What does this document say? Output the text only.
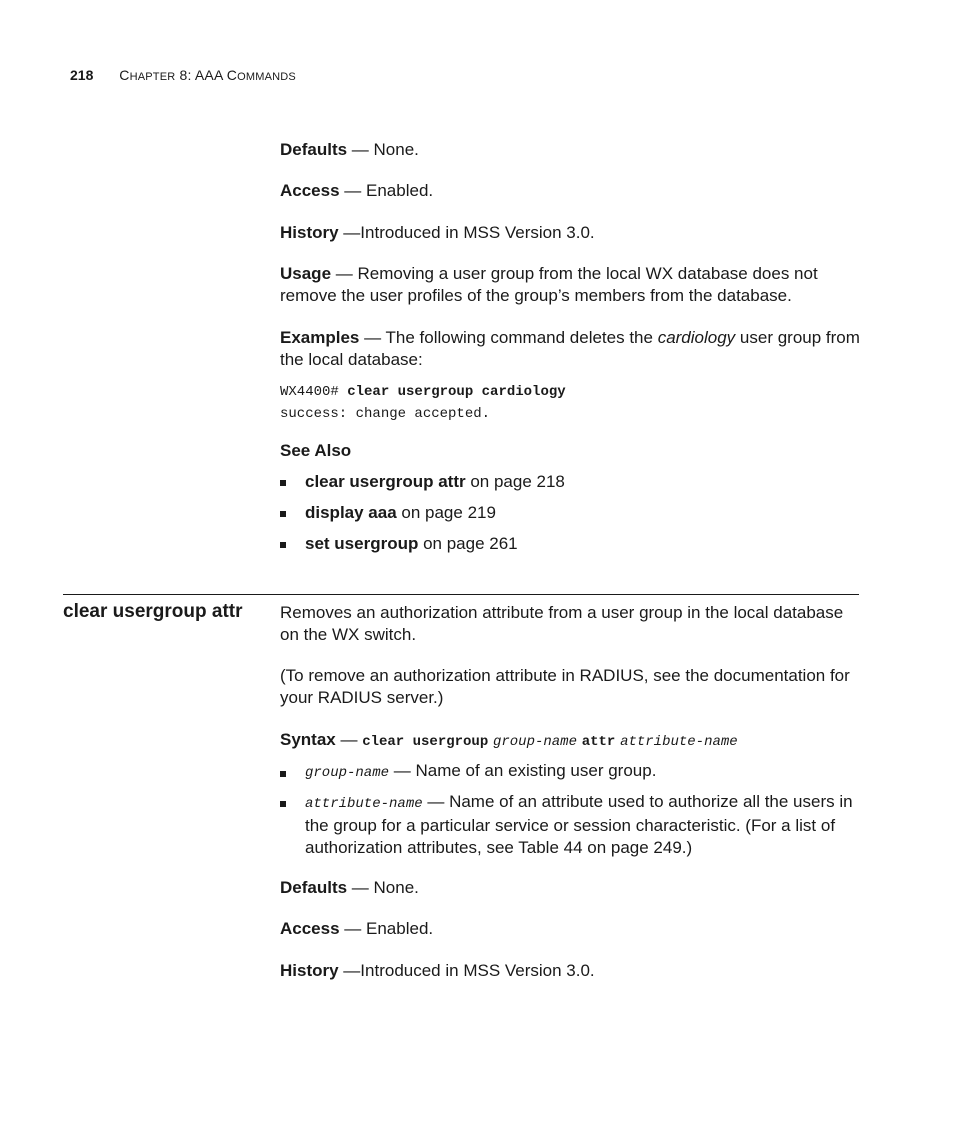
218 CHAPTER 8: AAA COMMANDS
Defaults — None.
Access — Enabled.
History —Introduced in MSS Version 3.0.
Usage — Removing a user group from the local WX database does not remove the user profiles of the group’s members from the database.
Examples — The following command deletes the cardiology user group from the local database:
WX4400# clear usergroup cardiology
success: change accepted.
See Also
clear usergroup attr on page 218
display aaa on page 219
set usergroup on page 261
clear usergroup attr Removes an authorization attribute from a user group in the local database on the WX switch.
(To remove an authorization attribute in RADIUS, see the documentation for your RADIUS server.)
Syntax — clear usergroup group-name attr attribute-name
group-name — Name of an existing user group.
attribute-name — Name of an attribute used to authorize all the users in the group for a particular service or session characteristic. (For a list of authorization attributes, see Table 44 on page 249.)
Defaults — None.
Access — Enabled.
History —Introduced in MSS Version 3.0.
